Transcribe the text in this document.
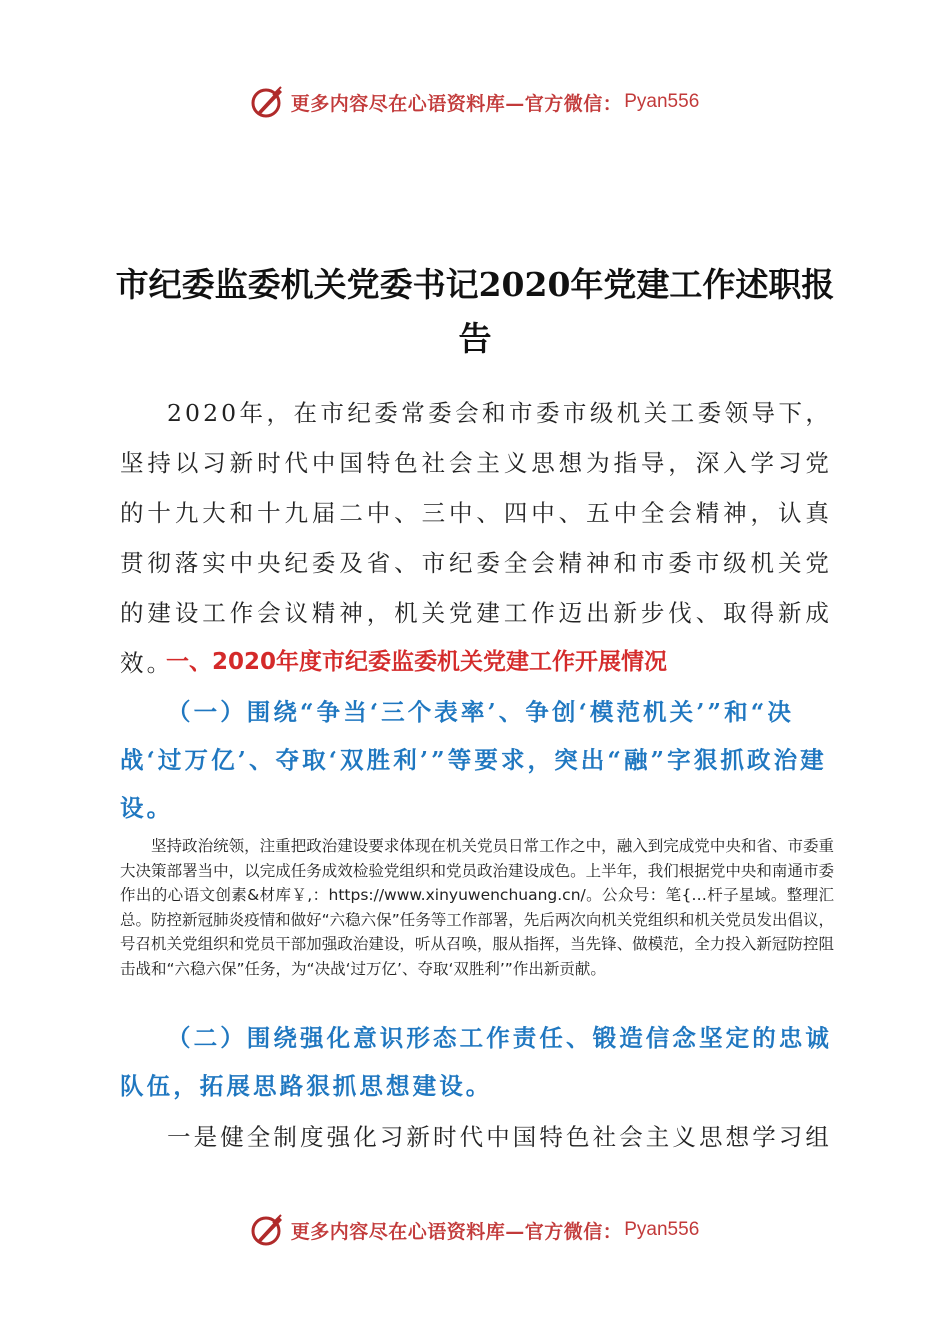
更多内容尽在心语资料库—官方微信： Pyan556
市纪委监委机关党委书记2020年党建工作述职报告

2020年，在市纪委常委会和市委市级机关工委领导下，坚持以习新时代中国特色社会主义思想为指导，深入学习党的十九大和十九届二中、三中、四中、五中全会精神，认真贯彻落实中央纪委及省、市纪委全会精神和市委市级机关党的建设工作会议精神，机关党建工作迈出新步伐、取得新成效。

一、2020年度市纪委监委机关党建工作开展情况
（一）围绕“争当‘三个表率’、争创‘模范机关’”和“决战‘过万亿’、夺取‘双胜利’”等要求，突出“融”字狠抓政治建设。

坚持政治统领，注重把政治建设要求体现在机关党员日常工作之中，融入到完成党中央和省、市委重大决策部署当中，以完成任务成效检验党组织和党员政治建设成色。上半年，我们根据党中央和南通市委作出的心语文创素&材库￥,：https://www.xinyuwenchuang.cn/。公众号：笔{…杆子星域。整理汇总。防控新冠肺炎疫情和做好“六稳六保”任务等工作部署，先后两次向机关党组织和机关党员发出倡议，号召机关党组织和党员干部加强政治建设，听从召唤，服从指挥，当先锋、做模范，全力投入新冠防控阻击战和“六稳六保”任务，为“决战‘过万亿’、夺取‘双胜利’”作出新贡献。

（二）围绕强化意识形态工作责任、锻造信念坚定的忠诚队伍，拓展思路狠抓思想建设。

一是健全制度强化习新时代中国特色社会主义思想学习组

更多内容尽在心语资料库—官方微信： Pyan556
